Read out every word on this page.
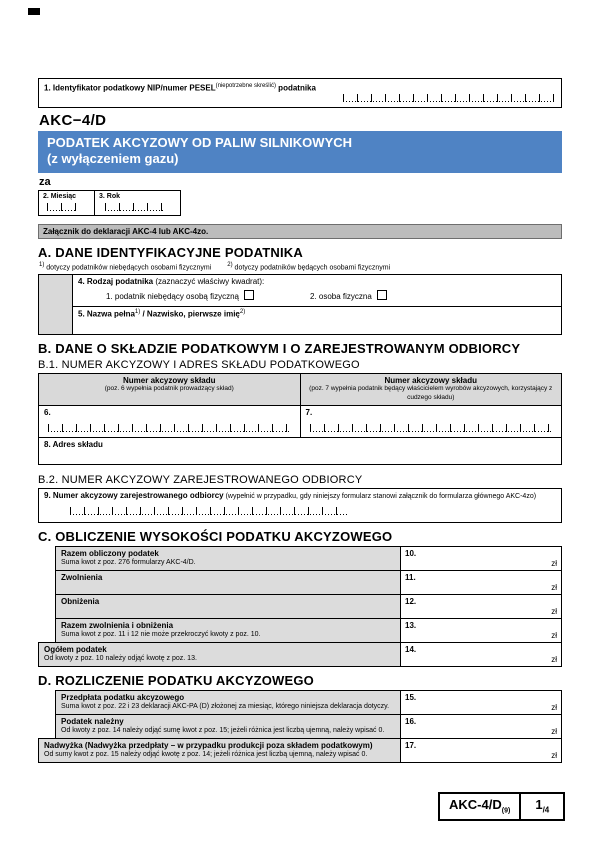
1. Identyfikator podatkowy NIP/numer $PESEL^{(niepotrzebne skreślić)}$ podatnika
AKC−4/D
PODATEK AKCYZOWY OD PALIW SILNIKOWYCH
(z wyłączeniem gazu)
za
2. Miesiąc	3. Rok
Załącznik do deklaracji AKC-4 lub AKC-4zo.
A. DANE IDENTYFIKACYJNE PODATNIKA
$^{1)}$ dotyczy podatników niebędących osobami fizycznymi	$^{2)}$ dotyczy podatników będących osobami fizycznymi
4. Rodzaj podatnika (zaznaczyć właściwy kwadrat):
1. podatnik niebędący osobą fizyczną	2. osoba fizyczna
5. Nazwa pełna$^{1)}$ / Nazwisko, pierwsze imię$^{2)}$
B. DANE O SKŁADZIE PODATKOWYM I O ZAREJESTROWANYM ODBIORCY
B.1. NUMER AKCYZOWY I ADRES SKŁADU PODATKOWEGO
Numer akcyzowy składu
(poz. 6 wypełnia podatnik prowadzący skład)
Numer akcyzowy składu
(poz. 7 wypełnia podatnik będący właścicielem wyrobów akcyzowych, korzystający z cudzego składu)
6.	7.
8. Adres składu
B.2. NUMER AKCYZOWY ZAREJESTROWANEGO ODBIORCY
9. Numer akcyzowy zarejestrowanego odbiorcy (wypełnić w przypadku, gdy niniejszy formularz stanowi załącznik do formularza głównego AKC-4zo)
C. OBLICZENIE WYSOKOŚCI PODATKU AKCYZOWEGO
Razem obliczony podatek
Suma kwot z poz. 276 formularzy AKC-4/D.
10.
zł
Zwolnienia	11.
zł
Obniżenia	12.
zł
Razem zwolnienia i obniżenia
Suma kwot z poz. 11 i 12 nie może przekroczyć kwoty z poz. 10.
13.
zł
Ogółem podatek
Od kwoty z poz. 10 należy odjąć kwotę z poz. 13.
14.
zł
D. ROZLICZENIE PODATKU AKCYZOWEGO
Przedpłata podatku akcyzowego
Suma kwot z poz. 22 i 23 deklaracji AKC-PA (D) złożonej za miesiąc, którego niniejsza deklaracja dotyczy.
15.
zł
Podatek należny
Od kwoty z poz. 14 należy odjąć sumę kwot z poz. 15; jeżeli różnica jest liczbą ujemną, należy wpisać 0.
16.
zł
Nadwyżka (Nadwyżka przedpłaty – w przypadku produkcji poza składem podatkowym)
Od sumy kwot z poz. 15 należy odjąć kwotę z poz. 14; jeżeli różnica jest liczbą ujemną, należy wpisać 0.
17.
zł
AKC-$4/D_{(9)}$	$1_{/4}$
